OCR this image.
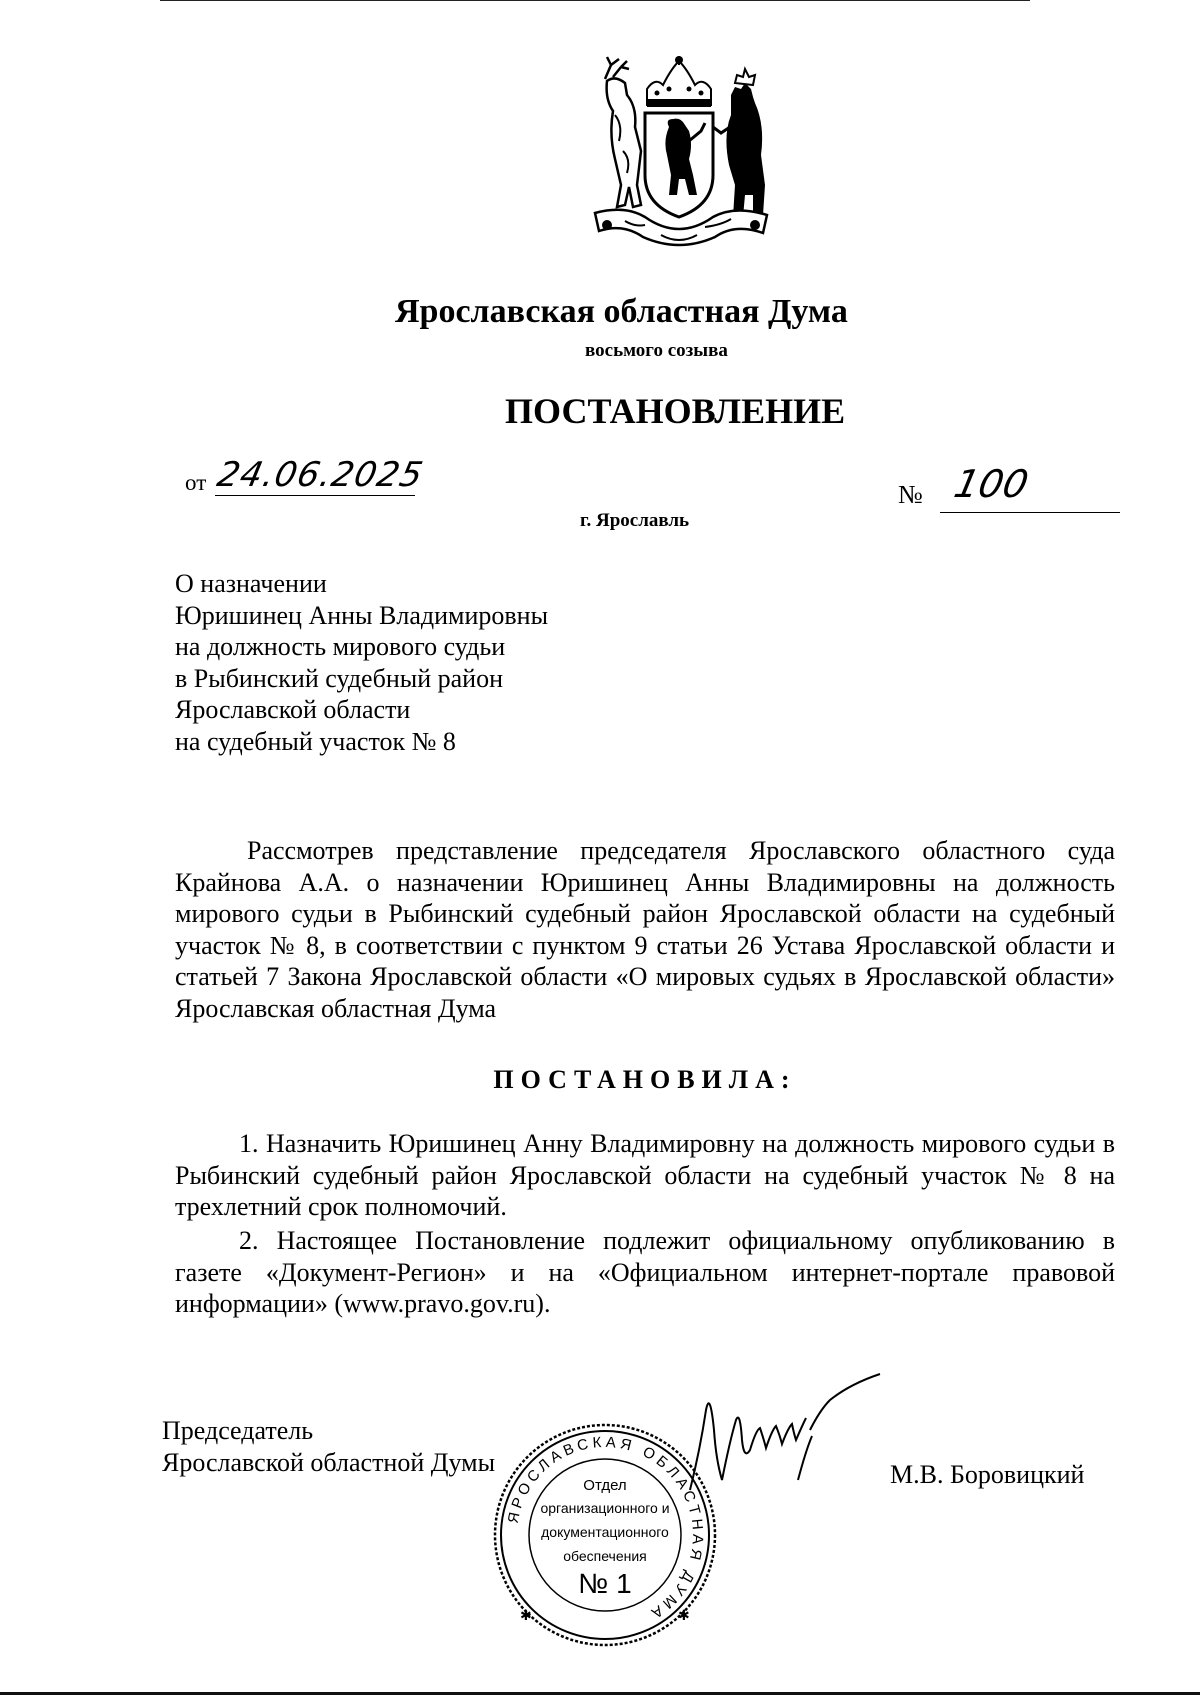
Ярославская областная Дума
восьмого созыва
ПОСТАНОВЛЕНИЕ
от 24.06.2025
г. Ярославль
№ 100
О назначении
Юришинец Анны Владимировны
на должность мирового судьи
в Рыбинский судебный район
Ярославской области
на судебный участок № 8
Рассмотрев представление председателя Ярославского областного суда Крайнова А.А. о назначении Юришинец Анны Владимировны на должность мирового судьи в Рыбинский судебный район Ярославской области на судебный участок № 8, в соответствии с пунктом 9 статьи 26 Устава Ярославской области и статьей 7 Закона Ярославской области «О мировых судьях в Ярославской области» Ярославская областная Дума
ПОСТАНОВИЛА:
1. Назначить Юришинец Анну Владимировну на должность мирового судьи в Рыбинский судебный район Ярославской области на судебный участок № 8 на трехлетний срок полномочий.
2. Настоящее Постановление подлежит официальному опубликованию в газете «Документ-Регион» и на «Официальном интернет-портале правовой информации» (www.pravo.gov.ru).
Председатель
Ярославской областной Думы
ЯРОСЛАВСКАЯ ОБЛАСТНАЯ ДУМА
✱	✱
Отдел
организационного и
документационного
обеспечения
№ 1
М.В. Боровицкий
